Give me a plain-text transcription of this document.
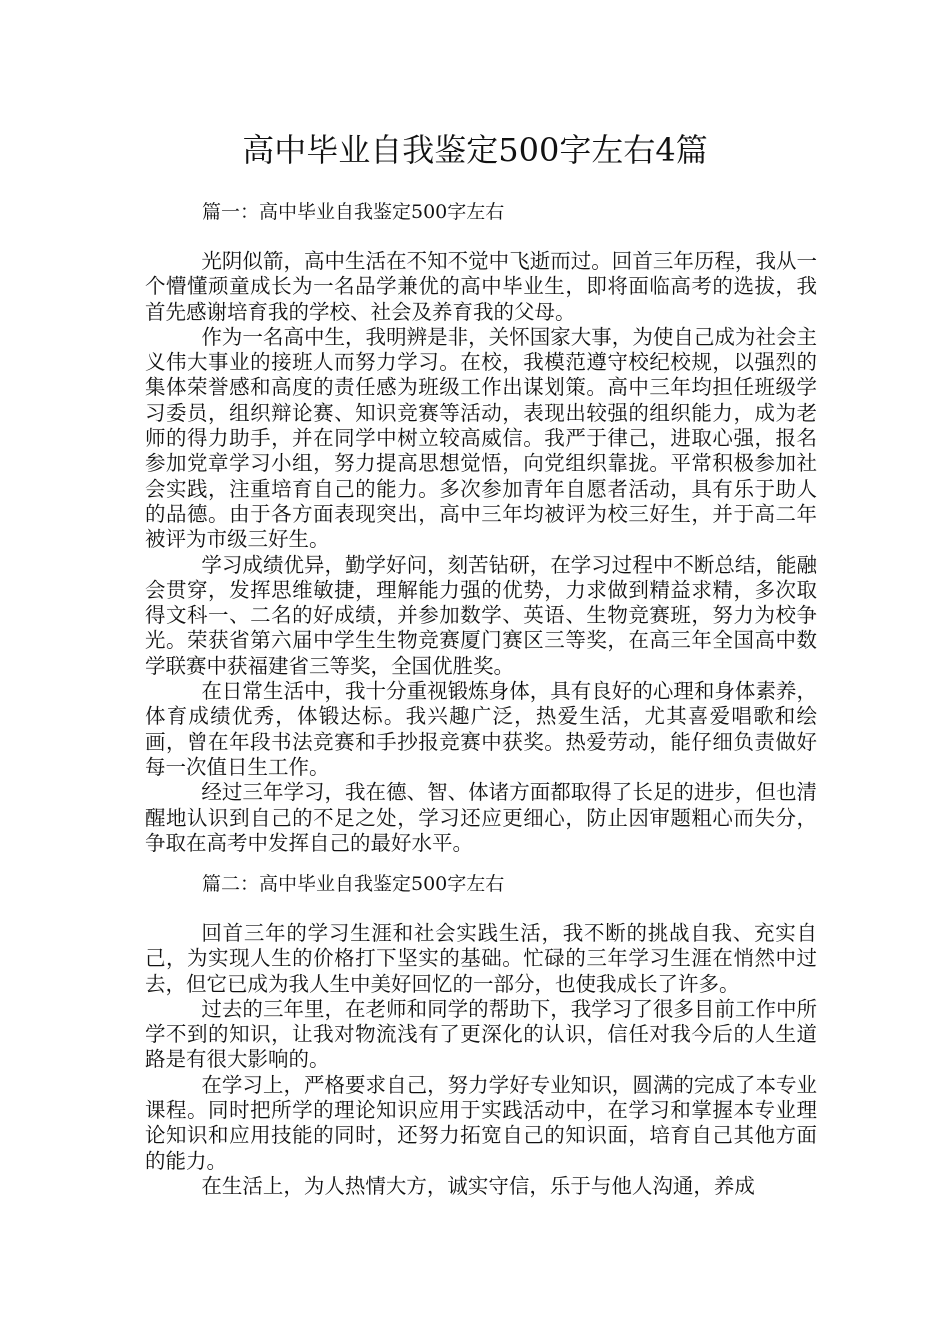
高中毕业自我鉴定500字左右4篇
篇一：高中毕业自我鉴定500字左右

光阴似箭，高中生活在不知不觉中飞逝而过。回首三年历程，我从一个懵懂顽童成长为一名品学兼优的高中毕业生，即将面临高考的选拔，我首先感谢培育我的学校、社会及养育我的父母。

作为一名高中生，我明辨是非，关怀国家大事，为使自己成为社会主义伟大事业的接班人而努力学习。在校，我模范遵守校纪校规，以强烈的集体荣誉感和高度的责任感为班级工作出谋划策。高中三年均担任班级学习委员，组织辩论赛、知识竞赛等活动，表现出较强的组织能力，成为老师的得力助手，并在同学中树立较高威信。我严于律己，进取心强，报名参加党章学习小组，努力提高思想觉悟，向党组织靠拢。平常积极参加社会实践，注重培育自己的能力。多次参加青年自愿者活动，具有乐于助人的品德。由于各方面表现突出，高中三年均被评为校三好生，并于高二年被评为市级三好生。

学习成绩优异，勤学好问，刻苦钻研，在学习过程中不断总结，能融会贯穿，发挥思维敏捷，理解能力强的优势，力求做到精益求精，多次取得文科一、二名的好成绩，并参加数学、英语、生物竞赛班，努力为校争光。荣获省第六届中学生生物竞赛厦门赛区三等奖，在高三年全国高中数学联赛中获福建省三等奖，全国优胜奖。

在日常生活中，我十分重视锻炼身体，具有良好的心理和身体素养，体育成绩优秀，体锻达标。我兴趣广泛，热爱生活，尤其喜爱唱歌和绘画，曾在年段书法竞赛和手抄报竞赛中获奖。热爱劳动，能仔细负责做好每一次值日生工作。

经过三年学习，我在德、智、体诸方面都取得了长足的进步，但也清醒地认识到自己的不足之处，学习还应更细心，防止因审题粗心而失分，争取在高考中发挥自己的最好水平。

篇二：高中毕业自我鉴定500字左右

回首三年的学习生涯和社会实践生活，我不断的挑战自我、充实自己，为实现人生的价格打下坚实的基础。忙碌的三年学习生涯在悄然中过去，但它已成为我人生中美好回忆的一部分，也使我成长了许多。

过去的三年里，在老师和同学的帮助下，我学习了很多目前工作中所学不到的知识，让我对物流浅有了更深化的认识，信任对我今后的人生道路是有很大影响的。

在学习上，严格要求自己，努力学好专业知识，圆满的完成了本专业课程。同时把所学的理论知识应用于实践活动中，在学习和掌握本专业理论知识和应用技能的同时，还努力拓宽自己的知识面，培育自己其他方面的能力。

在生活上，为人热情大方，诚实守信，乐于与他人沟通，养成
